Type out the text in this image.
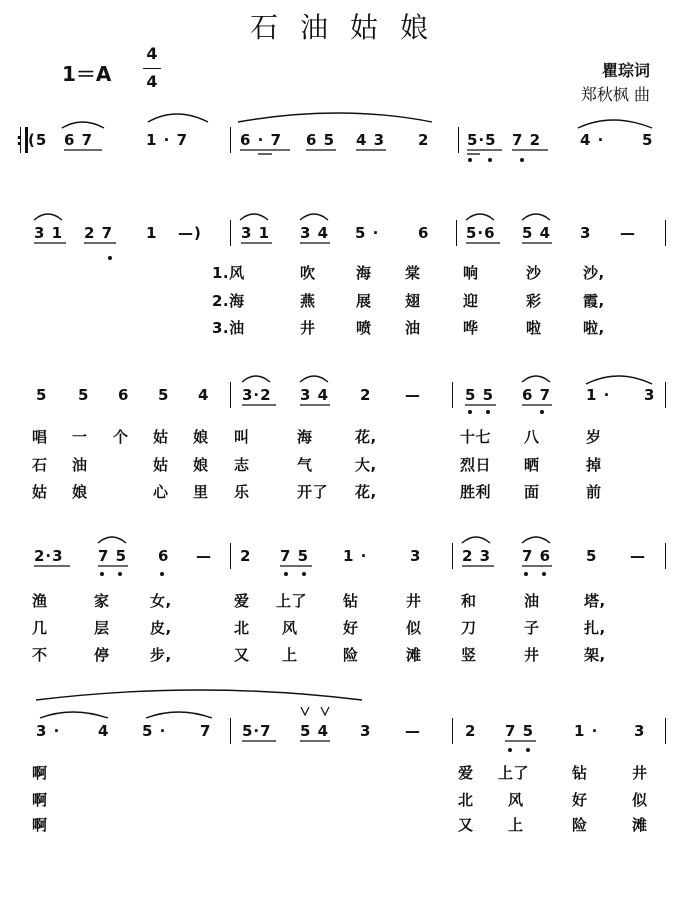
石油姑娘
1＝A
4
4
瞿琮词
郑秋枫 曲
(5 6 7	1 · 7	6 · 7 6 5 4 3 2	5·5 7 2	4 ·	5
3 1 2 7 1 —)	3 1 3 4 5 ·	6 5·6 5 4 3 —
1.风	吹	海 棠	响	沙	沙,
2.海	燕	展 翅	迎	彩	霞,
3.油	井	喷 油	哗	啦	啦,
5 5 6 5 4 3·2 3 4 2 —	5 5 6 7 1 · 3
唱 一 个 姑 娘 叫	海	花,	十七 八	岁
石 油	姑 娘 志	气	大,	烈日 晒	掉
姑 娘	心 里 乐	开了 花,	胜利 面	前
2·3 7 5 6 — 2 7 5 1 ·	3	2 3 7 6 5 —
渔	家	女,	爱 上了 钻	井	和	油	塔,
几	层	皮,	北 风	好	似	刀	子	扎,
不	停	步,	又 上	险	滩	竖	井	架,
3 ·	4 5 · 7 5·7 5 4 3 —	2 7 5	1 · 3
啊	爱 上了	钻	井
啊	北 风	好	似
啊	又 上	险	滩
:
